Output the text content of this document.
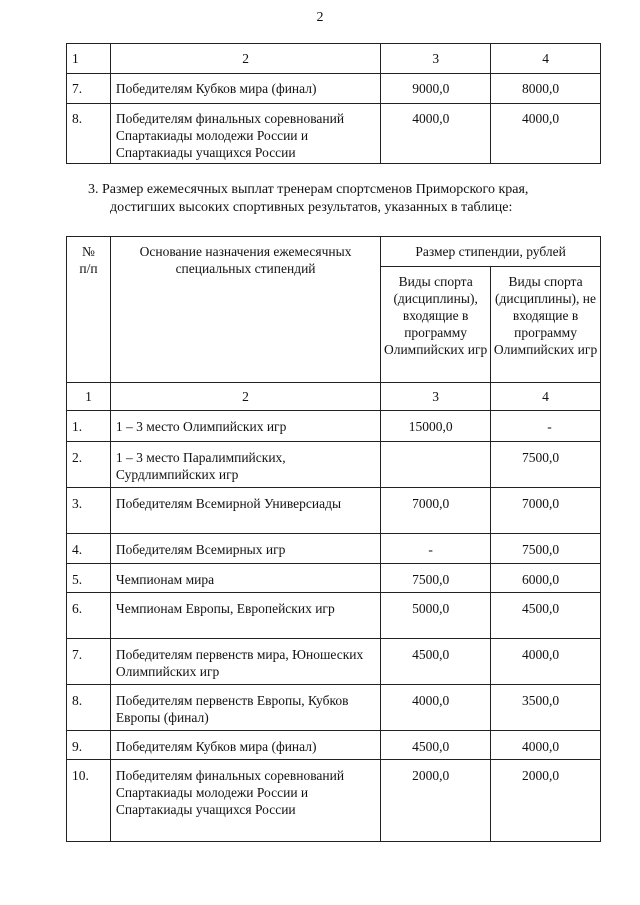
2
1	2	3	4
7.	Победителям Кубков мира (финал)	9000,0	8000,0
8.	Победителям финальных соревнований Спартакиады молодежи России и Спартакиады учащихся России	4000,0	4000,0
3. Размер ежемесячных выплат тренерам спортсменов Приморского края,
достигших высоких спортивных результатов, указанных в таблице:
№ п/п	Основание назначения ежемесячных специальных стипендий	Размер стипендии, рублей	
		Виды спорта (дисциплины), входящие в программу Олимпийских игр	Виды спорта (дисциплины), не входящие в программу Олимпийских игр
1	2	3	4
1.	1 – 3 место Олимпийских игр	15000,0	-
2.	1 – 3 место Паралимпийских, Сурдлимпийских игр		7500,0
3.	Победителям Всемирной Универсиады	7000,0	7000,0
4.	Победителям Всемирных игр	-	7500,0
5.	Чемпионам мира	7500,0	6000,0
6.	Чемпионам Европы, Европейских игр	5000,0	4500,0
7.	Победителям первенств мира, Юношеских Олимпийских игр	4500,0	4000,0
8.	Победителям первенств Европы, Кубков Европы (финал)	4000,0	3500,0
9.	Победителям Кубков мира (финал)	4500,0	4000,0
10.	Победителям финальных соревнований Спартакиады молодежи России и Спартакиады учащихся России	2000,0	2000,0
